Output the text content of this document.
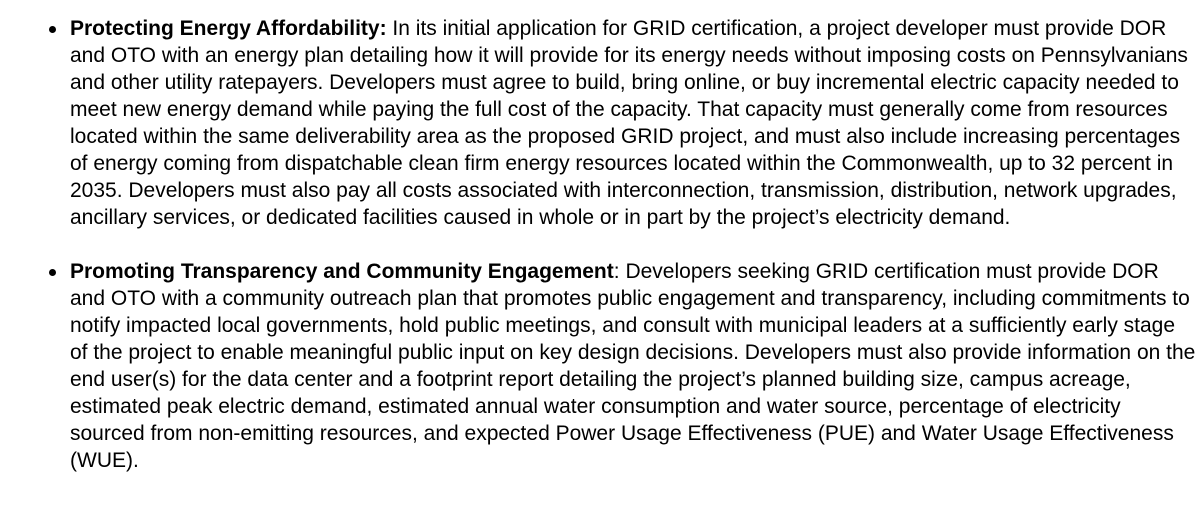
Protecting Energy Affordability: In its initial application for GRID certification, a project developer must provide DOR and OTO with an energy plan detailing how it will provide for its energy needs without imposing costs on Pennsylvanians and other utility ratepayers. Developers must agree to build, bring online, or buy incremental electric capacity needed to meet new energy demand while paying the full cost of the capacity. That capacity must generally come from resources located within the same deliverability area as the proposed GRID project, and must also include increasing percentages of energy coming from dispatchable clean firm energy resources located within the Commonwealth, up to 32 percent in 2035. Developers must also pay all costs associated with interconnection, transmission, distribution, network upgrades, ancillary services, or dedicated facilities caused in whole or in part by the project’s electricity demand.
Promoting Transparency and Community Engagement: Developers seeking GRID certification must provide DOR and OTO with a community outreach plan that promotes public engagement and transparency, including commitments to notify impacted local governments, hold public meetings, and consult with municipal leaders at a sufficiently early stage of the project to enable meaningful public input on key design decisions. Developers must also provide information on the end user(s) for the data center and a footprint report detailing the project’s planned building size, campus acreage, estimated peak electric demand, estimated annual water consumption and water source, percentage of electricity sourced from non-emitting resources, and expected Power Usage Effectiveness (PUE) and Water Usage Effectiveness (WUE).
